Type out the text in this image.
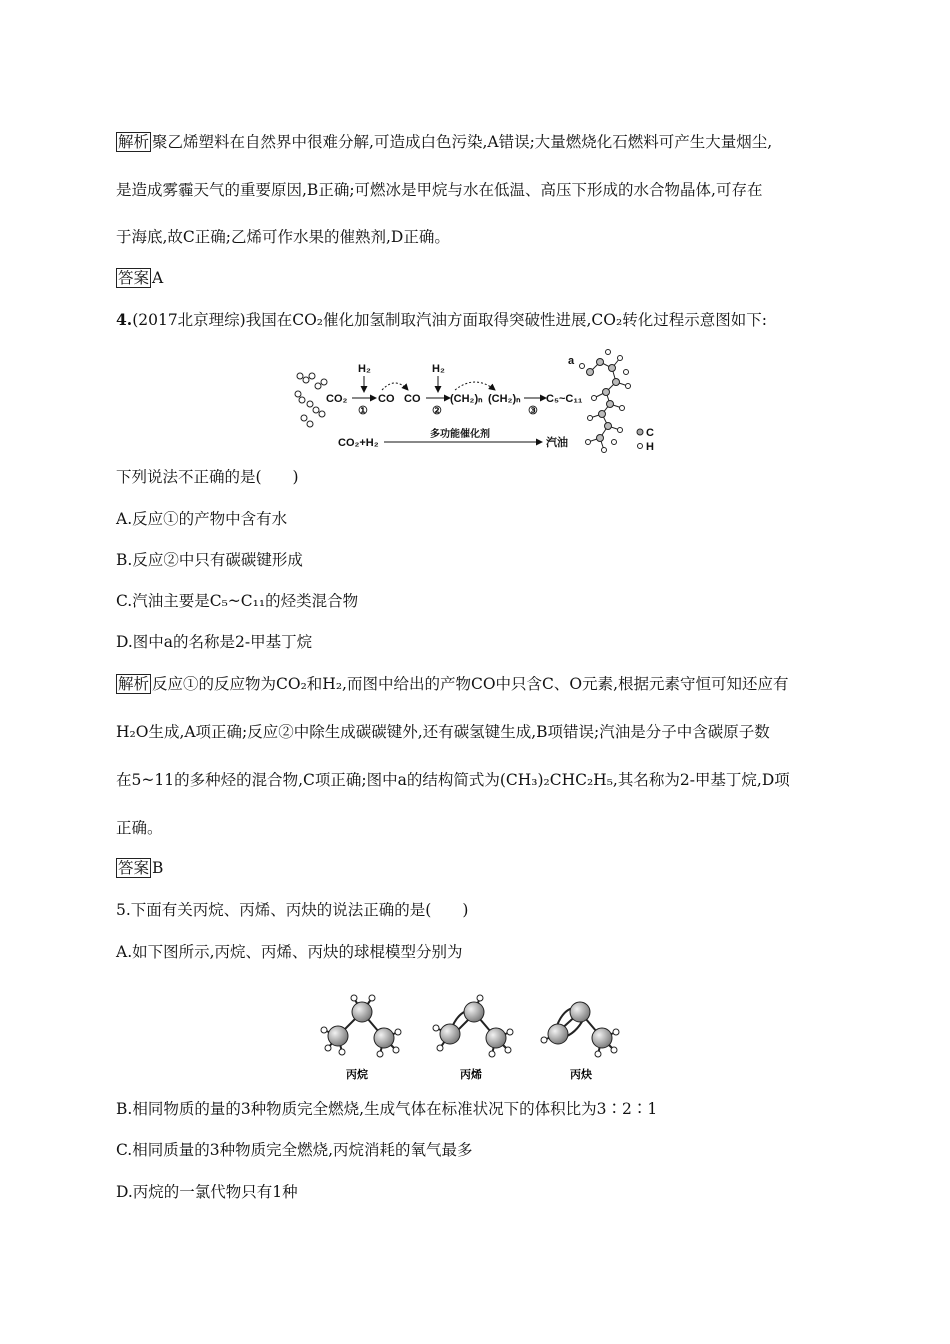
解析 聚乙烯塑料在自然界中很难分解,可造成白色污染,A错误;大量燃烧化石燃料可产生大量烟尘,
是造成雾霾天气的重要原因,B正确;可燃冰是甲烷与水在低温、高压下形成的水合物晶体,可存在
于海底,故C正确;乙烯可作水果的催熟剂,D正确。
答案 A
4.(2017北京理综)我国在CO₂催化加氢制取汽油方面取得突破性进展,CO₂转化过程示意图如下:
CO₂
H₂
①
CO CO
H₂
②
(CH₂)ₙ (CH₂)ₙ
③
C₅~C₁₁
CO₂+H₂
多功能催化剂
汽油
a
C
H
下列说法不正确的是(　　)
A.反应①的产物中含有水
B.反应②中只有碳碳键形成
C.汽油主要是C₅~C₁₁的烃类混合物
D.图中a的名称是2-甲基丁烷
解析 反应①的反应物为CO₂和H₂,而图中给出的产物CO中只含C、O元素,根据元素守恒可知还应有
H₂O生成,A项正确;反应②中除生成碳碳键外,还有碳氢键生成,B项错误;汽油是分子中含碳原子数
在5~11的多种烃的混合物,C项正确;图中a的结构简式为(CH₃)₂CHC₂H₅,其名称为2-甲基丁烷,D项
正确。
答案 B
5.下面有关丙烷、丙烯、丙炔的说法正确的是(　　)
A.如下图所示,丙烷、丙烯、丙炔的球棍模型分别为
丙烷	丙烯	丙炔
B.相同物质的量的3种物质完全燃烧,生成气体在标准状况下的体积比为3∶2∶1
C.相同质量的3种物质完全燃烧,丙烷消耗的氧气最多
D.丙烷的一氯代物只有1种
